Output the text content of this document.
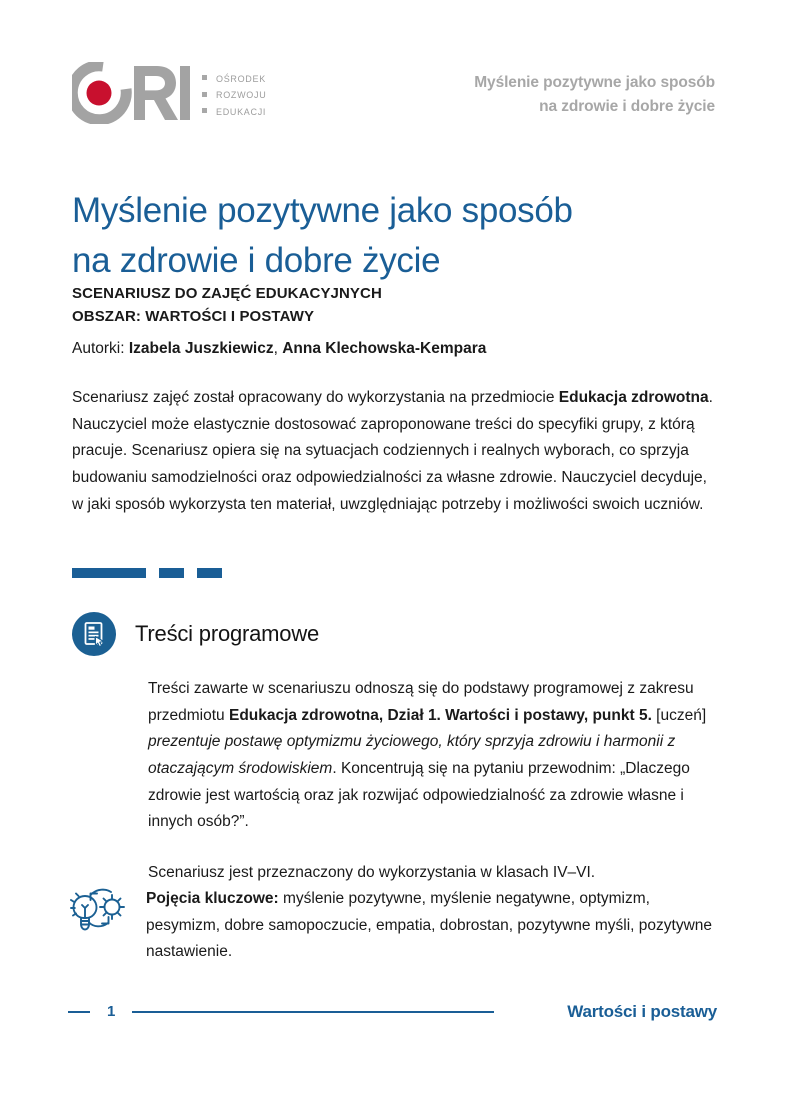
ośrodek
rozwoju
edukacji
Myślenie pozytywne jako sposób
na zdrowie i dobre życie
Myślenie pozytywne jako sposób
na zdrowie i dobre życie
SCENARIUSZ DO ZAJĘĆ EDUKACYJNYCH
OBSZAR: WARTOŚCI I POSTAWY
Autorki: Izabela Juszkiewicz, Anna Klechowska-Kempara
Scenariusz zajęć został opracowany do wykorzystania na przedmiocie Edukacja zdrowotna. Nauczyciel może elastycznie dostosować zaproponowane treści do specyfiki grupy, z którą pracuje. Scenariusz opiera się na sytuacjach codziennych i realnych wyborach, co sprzyja budowaniu samodzielności oraz odpowiedzialności za własne zdrowie. Nauczyciel decyduje, w jaki sposób wykorzysta ten materiał, uwzględniając potrzeby i możliwości swoich uczniów.
Treści programowe

Treści zawarte w scenariuszu odnoszą się do podstawy programowej z zakresu przedmiotu Edukacja zdrowotna, Dział 1. Wartości i postawy, punkt 5. [uczeń] prezentuje postawę optymizmu życiowego, który sprzyja zdrowiu i harmonii z otaczającym środowiskiem. Koncentrują się na pytaniu przewodnim: „Dlaczego zdrowie jest wartością oraz jak rozwijać odpowiedzialność za zdrowie własne i innych osób?”.

Scenariusz jest przeznaczony do wykorzystania w klasach IV–VI.

Pojęcia kluczowe: myślenie pozytywne, myślenie negatywne, optymizm, pesymizm, dobre samopoczucie, empatia, dobrostan, pozytywne myśli, pozytywne nastawienie.
1	Wartości i postawy
